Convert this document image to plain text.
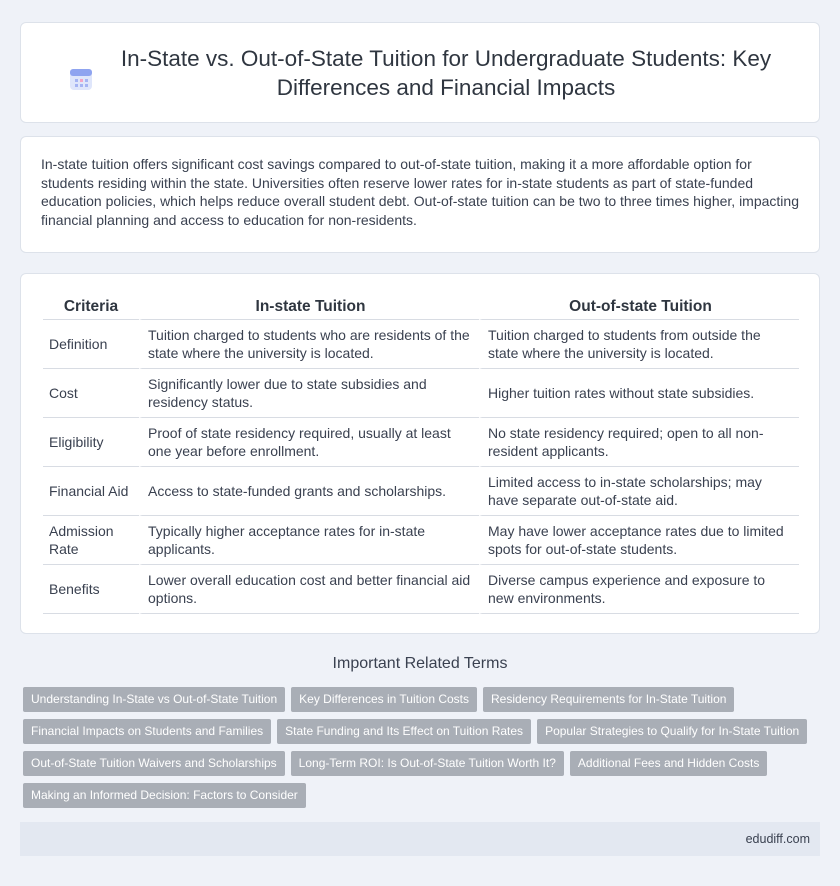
In-State vs. Out-of-State Tuition for Undergraduate Students: Key Differences and Financial Impacts

In-state tuition offers significant cost savings compared to out-of-state tuition, making it a more affordable option for students residing within the state. Universities often reserve lower rates for in-state students as part of state-funded education policies, which helps reduce overall student debt. Out-of-state tuition can be two to three times higher, impacting financial planning and access to education for non-residents.

Criteria	In-state Tuition	Out-of-state Tuition
Definition	Tuition charged to students who are residents of the state where the university is located.	Tuition charged to students from outside the state where the university is located.
Cost	Significantly lower due to state subsidies and residency status.	Higher tuition rates without state subsidies.
Eligibility	Proof of state residency required, usually at least one year before enrollment.	No state residency required; open to all non-resident applicants.
Financial Aid	Access to state-funded grants and scholarships.	Limited access to in-state scholarships; may have separate out-of-state aid.
Admission Rate	Typically higher acceptance rates for in-state applicants.	May have lower acceptance rates due to limited spots for out-of-state students.
Benefits	Lower overall education cost and better financial aid options.	Diverse campus experience and exposure to new environments.
Important Related Terms
Understanding In-State vs Out-of-State Tuition Key Differences in Tuition Costs Residency Requirements for In-State Tuition
Financial Impacts on Students and Families State Funding and Its Effect on Tuition Rates Popular Strategies to Qualify for In-State Tuition
Out-of-State Tuition Waivers and Scholarships Long-Term ROI: Is Out-of-State Tuition Worth It? Additional Fees and Hidden Costs
Making an Informed Decision: Factors to Consider
edudiff.com
